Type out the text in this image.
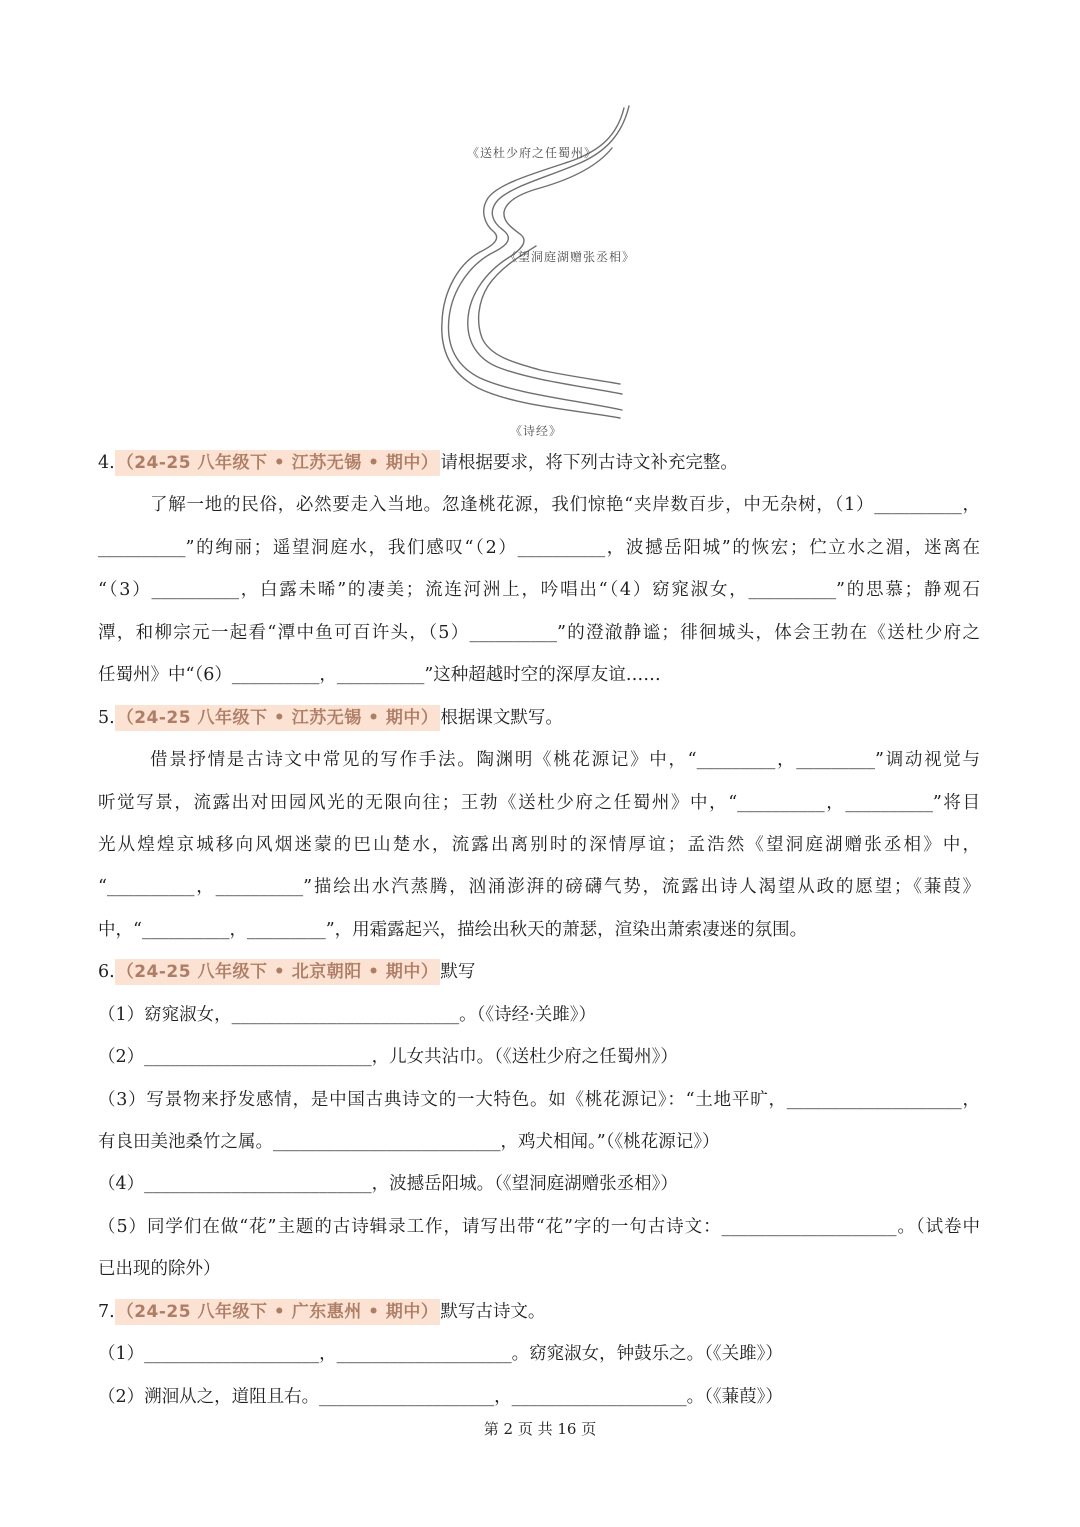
《送杜少府之任蜀州》
《望洞庭湖赠张丞相》
《诗经》
4. （24-25 八年级下 • 江苏无锡 • 期中） 请根据要求，将下列古诗文补充完整。
了解一地的民俗，必然要走入当地。忽逢桃花源，我们惊艳“夹岸数百步，中无杂树，（1）__________，
__________”的绚丽；遥望洞庭水，我们感叹“（2）__________，波撼岳阳城”的恢宏；伫立水之湄，迷离在
“（3）__________，白露未晞”的凄美；流连河洲上，吟唱出“（4）窈窕淑女，__________”的思慕；静观石
潭，和柳宗元一起看“潭中鱼可百许头，（5）__________”的澄澈静谧；徘徊城头，体会王勃在《送杜少府之
任蜀州》中“（6）__________，__________”这种超越时空的深厚友谊……
5. （24-25 八年级下 • 江苏无锡 • 期中） 根据课文默写。
借景抒情是古诗文中常见的写作手法。陶渊明《桃花源记》中，“_________，_________”调动视觉与
听觉写景，流露出对田园风光的无限向往；王勃《送杜少府之任蜀州》中，“__________，__________”将目
光从煌煌京城移向风烟迷蒙的巴山楚水，流露出离别时的深情厚谊；孟浩然《望洞庭湖赠张丞相》中，
“__________，__________”描绘出水汽蒸腾，汹涌澎湃的磅礴气势，流露出诗人渴望从政的愿望；《蒹葭》
中，“__________，_________”，用霜露起兴，描绘出秋天的萧瑟，渲染出萧索凄迷的氛围。
6. （24-25 八年级下 • 北京朝阳 • 期中） 默写
（1）窈窕淑女，__________________________。（《诗经·关雎》）
（2）__________________________，儿女共沾巾。（《送杜少府之任蜀州》）
（3）写景物来抒发感情，是中国古典诗文的一大特色。如《桃花源记》：“土地平旷，____________________，
有良田美池桑竹之属。__________________________，鸡犬相闻。”（《桃花源记》）
（4）__________________________，波撼岳阳城。（《望洞庭湖赠张丞相》）
（5）同学们在做“花”主题的古诗辑录工作，请写出带“花”字的一句古诗文：____________________。（试卷中
已出现的除外）
7. （24-25 八年级下 • 广东惠州 • 期中） 默写古诗文。
（1）____________________，____________________。窈窕淑女，钟鼓乐之。（《关雎》）
（2）溯洄从之，道阻且右。____________________，____________________。（《蒹葭》）
第 2 页 共 16 页
